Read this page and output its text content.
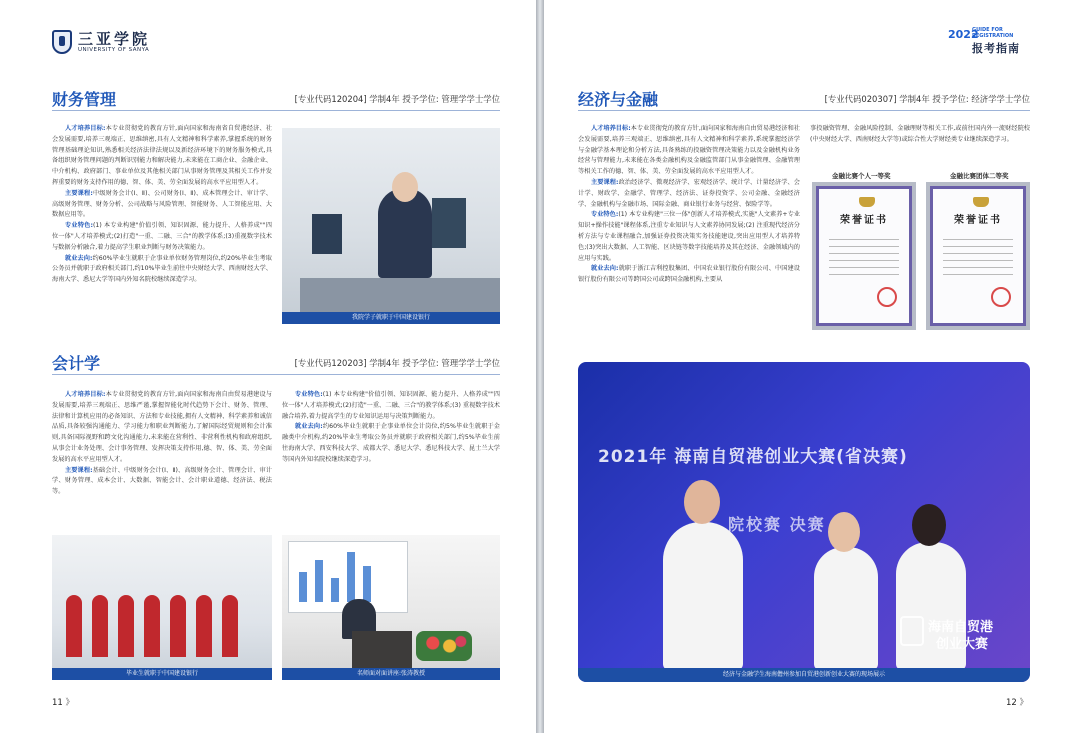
三亚学院
UNIVERSITY OF SANYA
财务管理	[专业代码120204] 学制4年 授予学位: 管理学学士学位

人才培养目标:本专业贯彻党的教育方针,面向国家和海南省自贸港经济、社会发展需要,培养三观端正、思维缜密,具有人文精神和科学素养,掌握系统的财务管理基础理论知识,熟悉相关经济法律法规以及新经济环境下的财务服务模式,具备组织财务管理问题的判断识别能力和解决能力,未来能在工商企业、金融企业、中介机构、政府部门、事业单位及其他相关部门从事财务管理及其相关工作并发挥重要的财务支持作用的德、智、体、美、劳全面发展的高水平应用型人才。

主要课程:中级财务会计(Ⅰ、Ⅱ)、公司财务(Ⅰ、Ⅱ)、成本管理会计、审计学、高级财务管理、财务分析、公司战略与风险管理、智能财务、人工智能应用、大数据应用等。

专业特色:(1) 本专业构建"价值引领、知识固源、能力提升、人格养成""四位一体"人才培养模式;(2)打造"一重、二融、三合"的教学体系;(3)重视数字技术与数据分析融合,着力提高学生职业判断与财务决策能力。

就业去向:约60%毕业生就职于企事业单位财务管理岗位,约20%毕业生考取公务员并就职于政府相关部门,约10%毕业生前往中央财经大学、西南财经大学、海南大学、悉尼大学等国内外知名院校继续深造学习。

我院学子就职于中国建设银行
会计学	[专业代码120203] 学制4年 授予学位: 管理学学士学位

人才培养目标:本专业贯彻党的教育方针,面向国家和海南自由贸易港建设与发展需要,培养三观端正、思维严谨,掌握智能化时代趋势下会计、财务、管理、法律和计算机应用的必备知识、方法和专业技能,拥有人文精神、科学素养和诚信品质,具备较强沟通能力、学习能力和职业判断能力,了解国际经贸规则和会计准则,具备国际视野和跨文化沟通能力,未来能在营利性、非营利性机构和政府组织,从事会计业务处理、会计事务管理、发挥决策支持作用,德、智、体、美、劳全面发展的高水平应用型人才。

主要课程:基础会计、中级财务会计(Ⅰ、Ⅱ)、高级财务会计、管理会计、审计学、财务管理、成本会计、大数据、智能会计、会计职业道德、经济法、税法等。

专业特色:(1) 本专业构建"价值引领、知识固源、能力提升、人格养成""四位一体"人才培养模式;(2)打造"一重、二融、三合"的教学体系;(3) 重视数字技术融合培养,着力提高学生的专业知识运用与决策判断能力。

就业去向:约60%毕业生就职于企事业单位会计岗位,约5%毕业生就职于金融类中介机构,约20%毕业生考取公务员并就职于政府相关部门,约5%毕业生前往海南大学、西安科技大学、成都大学、悉尼大学、悉尼科技大学、昆士兰大学等国内外知名院校继续深造学习。

毕业生就职于中国建设银行	名师面对面讲座:张涛教授
11 》
2022
GUIDE FOR
REGISTRATION
报考指南
经济与金融	[专业代码020307] 学制4年 授予学位: 经济学学士学位

人才培养目标:本专业贯彻党的教育方针,面向国家和海南自由贸易港经济和社会发展需要,培养三观端正、思维缜密,具有人文精神和科学素养,系统掌握经济学与金融学基本理论和分析方法,具备熟练的投融资管理决策能力以及金融机构业务经营与管理能力,未来能在各类金融机构及金融监管部门从事金融管理、金融管理等相关工作的德、智、体、美、劳全面发展的高水平应用型人才。

主要课程:政治经济学、微观经济学、宏观经济学、统计学、计量经济学、会计学、财政学、金融学、管理学、经济法、证券投资学、公司金融、金融经济学、金融机构与金融市场、国际金融、商业银行业务与经营、保险学等。

专业特色:(1) 本专业构建"三位一体"创新人才培养模式,实施"人文素养+专业知识+操作技能"课程体系,注重专业知识与人文素养协同发展;(2) 注重现代经济分析方法与专业课程融合,加强证券投资决策实务技能建设,突出应用型人才培养特色;(3)突出大数据、人工智能、区块链等数字技能培养及其在经济、金融领域内的应用与实践。

就业去向:就职于浙江吉利控股集团、中国农业银行股份有限公司、中国建设银行股份有限公司等跨国公司或跨国金融机构,主要从

事投融资管理、金融风险控制、金融理财等相关工作,或前往国内外一流财经院校(中央财经大学、西南财经大学等)或综合性大学财经类专业继续深造学习。

金融比赛个人一等奖	金融比赛团体二等奖
荣誉证书	荣誉证书
2021年 海南自贸港创业大赛(省决赛)
院校赛 决赛
海南自贸港
创业大赛
经济与金融学生海南儋州参加自贸港创新创业大赛的现场展示
12 》
